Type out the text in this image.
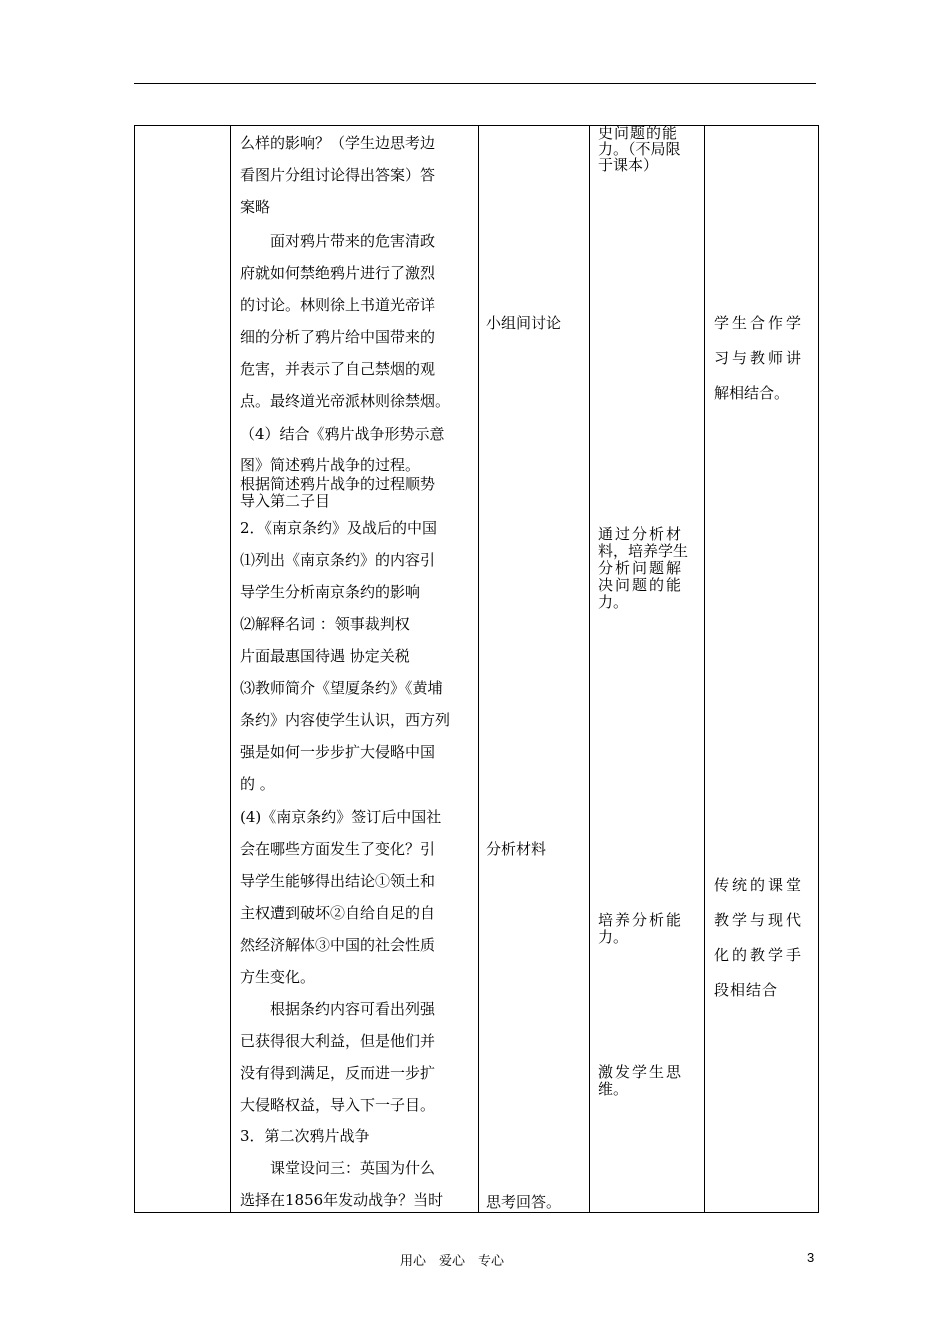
么样的影响？（学生边思考边
看图片分组讨论得出答案）答
案略
　　面对鸦片带来的危害清政
府就如何禁绝鸦片进行了激烈
的讨论。林则徐上书道光帝详
细的分析了鸦片给中国带来的
危害，并表示了自己禁烟的观
点。最终道光帝派林则徐禁烟。
（4）结合《鸦片战争形势示意
图》简述鸦片战争的过程。
根据简述鸦片战争的过程顺势
导入第二子目
2．《南京条约》及战后的中国
⑴列出《南京条约》的内容引
导学生分析南京条约的影响
⑵解释名词 ：领事裁判权
片面最惠国待遇 协定关税
⑶教师简介《望厦条约》《黄埔
条约》内容使学生认识，西方列
强是如何一步步扩大侵略中国
的 。
(4)《南京条约》签订后中国社
会在哪些方面发生了变化？引
导学生能够得出结论①领土和
主权遭到破坏②自给自足的自
然经济解体③中国的社会性质
方生变化。
　　根据条约内容可看出列强
已获得很大利益，但是他们并
没有得到满足，反而进一步扩
大侵略权益，导入下一子目。
3．第二次鸦片战争
　　课堂设问三：英国为什么
选择在1856年发动战争？当时
小组间讨论
分析材料
思考回答。
史问题的能
力。（不局限
于课本）
通过分析材
料，培养学生
分析问题解
决问题的能
力。
培养分析能
力。
激发学生思
维。
学生合作学
习与教师讲
解相结合。
传统的课堂
教学与现代
化的教学手
段相结合
用心　爱心　专心	3
